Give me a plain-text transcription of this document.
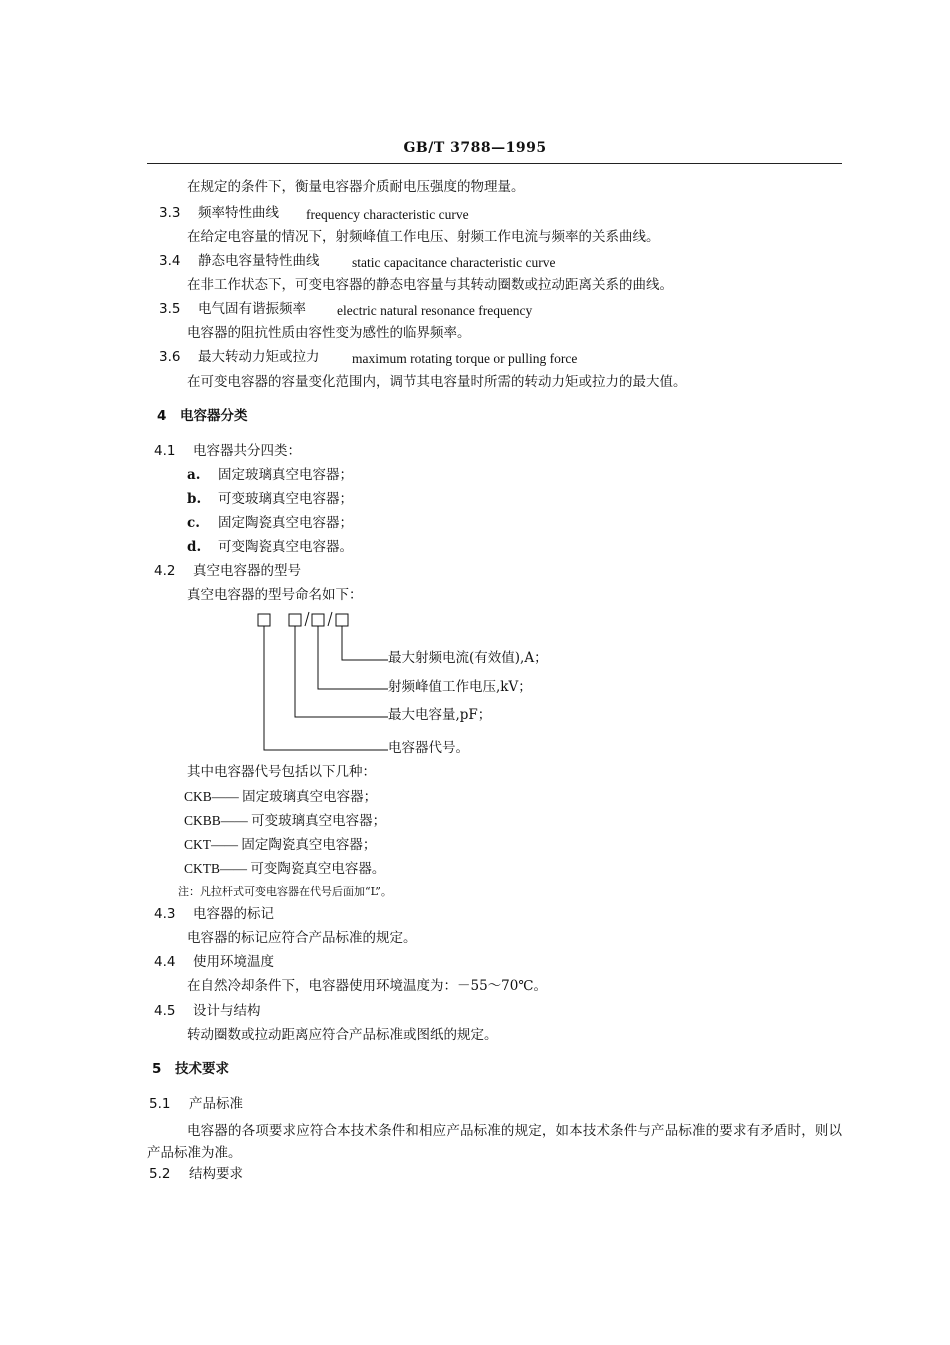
GB/T 3788—1995
在规定的条件下，衡量电容器介质耐电压强度的物理量。
3.3 频率特性曲线 frequency characteristic curve
在给定电容量的情况下，射频峰值工作电压、射频工作电流与频率的关系曲线。
3.4 静态电容量特性曲线 static capacitance characteristic curve
在非工作状态下，可变电容器的静态电容量与其转动圈数或拉动距离关系的曲线。
3.5 电气固有谐振频率 electric natural resonance frequency
电容器的阻抗性质由容性变为感性的临界频率。
3.6 最大转动力矩或拉力 maximum rotating torque or pulling force
在可变电容器的容量变化范围内，调节其电容量时所需的转动力矩或拉力的最大值。
4 电容器分类
4.1 电容器共分四类：
a. 固定玻璃真空电容器；
b. 可变玻璃真空电容器；
c. 固定陶瓷真空电容器；
d. 可变陶瓷真空电容器。
4.2 真空电容器的型号
真空电容器的型号命名如下：
最大射频电流(有效值),A；
射频峰值工作电压,kV；
最大电容量,pF；
电容器代号。
其中电容器代号包括以下几种：
CKB—— 固定玻璃真空电容器；
CKBB—— 可变玻璃真空电容器；
CKT—— 固定陶瓷真空电容器；
CKTB—— 可变陶瓷真空电容器。
注：凡拉杆式可变电容器在代号后面加“L”。
4.3 电容器的标记
电容器的标记应符合产品标准的规定。
4.4 使用环境温度
在自然冷却条件下，电容器使用环境温度为：－55～70℃。
4.5 设计与结构
转动圈数或拉动距离应符合产品标准或图纸的规定。
5 技术要求
5.1 产品标准
电容器的各项要求应符合本技术条件和相应产品标准的规定，如本技术条件与产品标准的要求有矛盾时，则以产品标准为准。
5.2 结构要求
